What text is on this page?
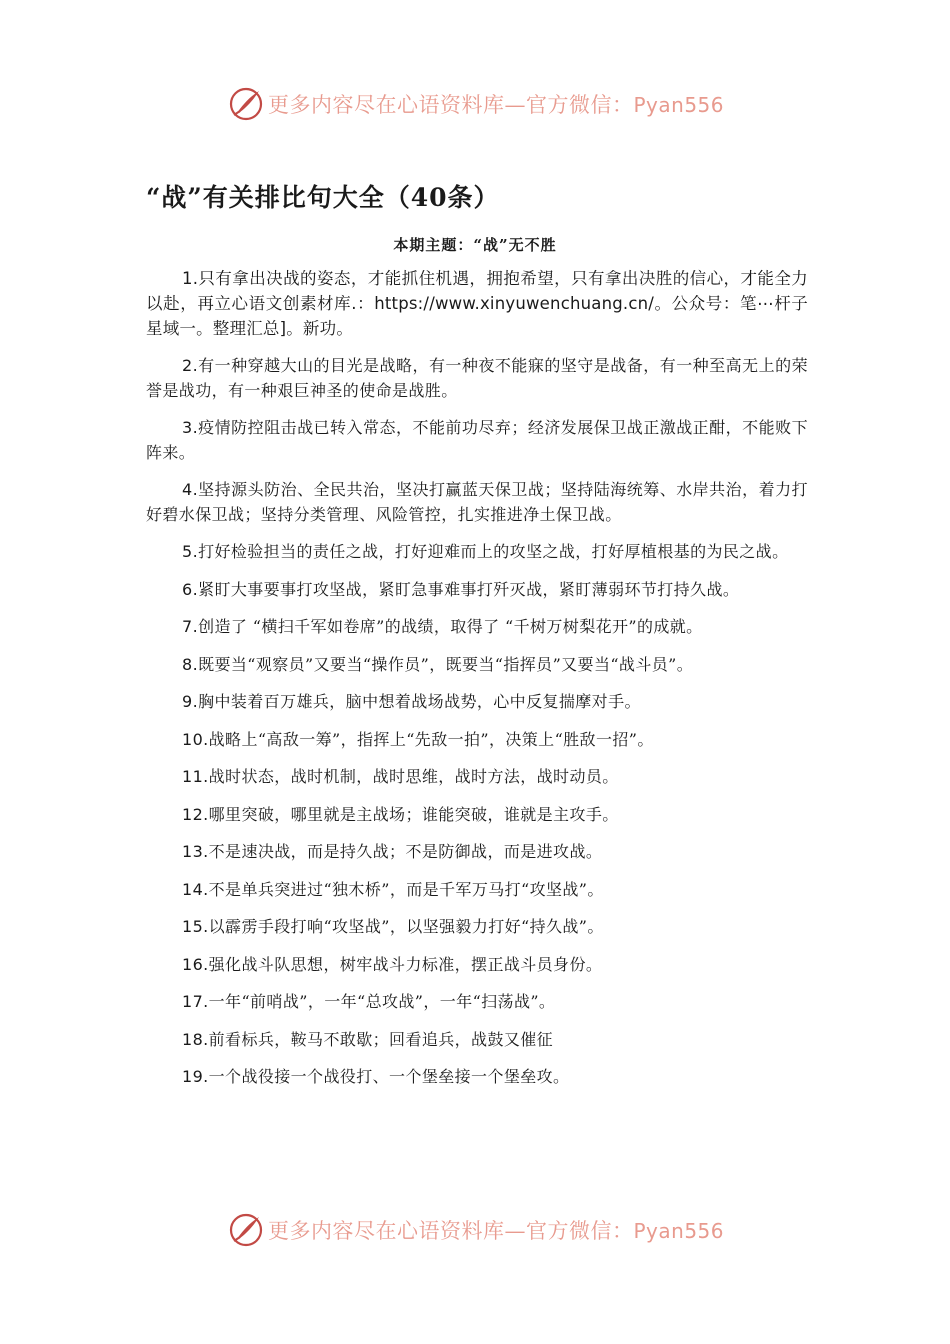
更多内容尽在心语资料库—官方微信：Pyan556
“战”有关排比句大全（40条）
本期主题：“战”无不胜

1.只有拿出决战的姿态，才能抓住机遇，拥抱希望，只有拿出决胜的信心，才能全力以赴，再立心语文创素材库.：https://www.xinyuwenchuang.cn/。公众号：笔⋯杆子星域一。整理汇总]。新功。

2.有一种穿越大山的目光是战略，有一种夜不能寐的坚守是战备，有一种至高无上的荣誉是战功，有一种艰巨神圣的使命是战胜。

3.疫情防控阻击战已转入常态，不能前功尽弃；经济发展保卫战正激战正酣，不能败下阵来。

4.坚持源头防治、全民共治，坚决打赢蓝天保卫战；坚持陆海统筹、水岸共治，着力打好碧水保卫战；坚持分类管理、风险管控，扎实推进净土保卫战。

5.打好检验担当的责任之战，打好迎难而上的攻坚之战，打好厚植根基的为民之战。

6.紧盯大事要事打攻坚战，紧盯急事难事打歼灭战，紧盯薄弱环节打持久战。

7.创造了 “横扫千军如卷席”的战绩，取得了 “千树万树梨花开”的成就。

8.既要当“观察员”又要当“操作员”，既要当“指挥员”又要当“战斗员”。

9.胸中装着百万雄兵，脑中想着战场战势，心中反复揣摩对手。

10.战略上“高敌一筹”，指挥上“先敌一拍”，决策上“胜敌一招”。

11.战时状态，战时机制，战时思维，战时方法，战时动员。

12.哪里突破，哪里就是主战场；谁能突破，谁就是主攻手。

13.不是速决战，而是持久战；不是防御战，而是进攻战。

14.不是单兵突进过“独木桥”，而是千军万马打“攻坚战”。

15.以霹雳手段打响“攻坚战”，以坚强毅力打好“持久战”。

16.强化战斗队思想，树牢战斗力标准，摆正战斗员身份。

17.一年“前哨战”，一年“总攻战”，一年“扫荡战”。

18.前看标兵，鞍马不敢歇；回看追兵，战鼓又催征

19.一个战役接一个战役打、一个堡垒接一个堡垒攻。

更多内容尽在心语资料库—官方微信：Pyan556
